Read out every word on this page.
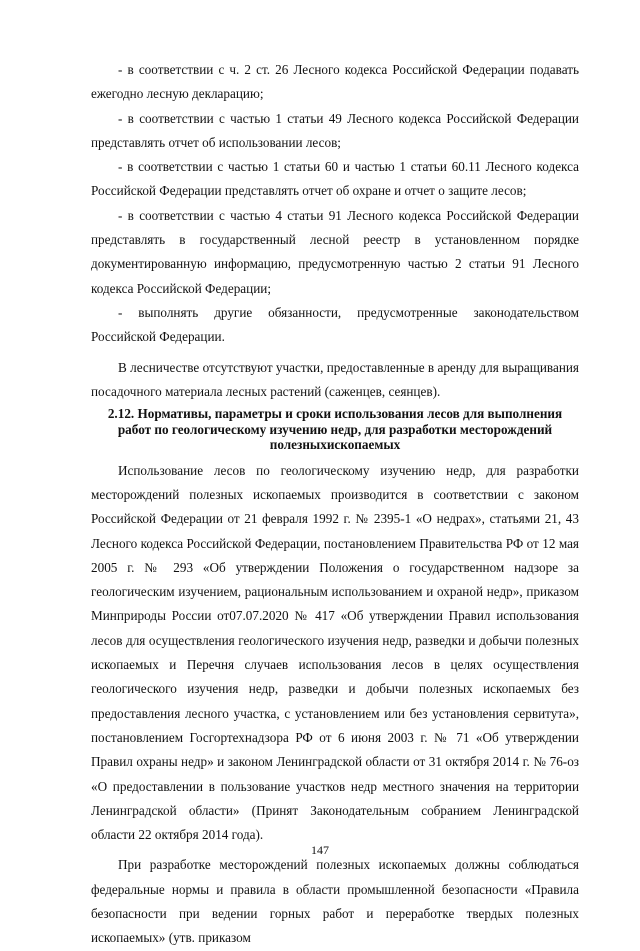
- в соответствии с ч. 2 ст. 26 Лесного кодекса Российской Федерации подавать ежегодно лесную декларацию;

- в соответствии с частью 1 статьи 49 Лесного кодекса Российской Федерации представлять отчет об использовании лесов;

- в соответствии с частью 1 статьи 60 и частью 1 статьи 60.11 Лесного кодекса Российской Федерации представлять отчет об охране и отчет о защите лесов;

- в соответствии с частью 4 статьи 91 Лесного кодекса Российской Федерации представлять в государственный лесной реестр в установленном порядке документированную информацию, предусмотренную частью 2 статьи 91 Лесного кодекса Российской Федерации;

- выполнять другие обязанности, предусмотренные законодательством Российской Федерации.

В лесничестве отсутствуют участки, предоставленные в аренду для выращивания посадочного материала лесных растений (саженцев, сеянцев).

2.12. Нормативы, параметры и сроки использования лесов для выполнения работ по геологическому изучению недр, для разработки месторождений полезныхископаемых

Использование лесов по геологическому изучению недр, для разработки месторождений полезных ископаемых производится в соответствии с законом Российской Федерации от 21 февраля 1992 г. № 2395-1 «О недрах», статьями 21, 43 Лесного кодекса Российской Федерации, постановлением Правительства РФ от 12 мая 2005 г. № 293 «Об утверждении Положения о государственном надзоре за геологическим изучением, рациональным использованием и охраной недр», приказом Минприроды России от07.07.2020 № 417 «Об утверждении Правил использования лесов для осуществления геологического изучения недр, разведки и добычи полезных ископаемых и Перечня случаев использования лесов в целях осуществления геологического изучения недр, разведки и добычи полезных ископаемых без предоставления лесного участка, с установлением или без установления сервитута», постановлением Госгортехнадзора РФ от 6 июня 2003 г. № 71 «Об утверждении Правил охраны недр» и законом Ленинградской области от 31 октября 2014 г. № 76-оз «О предоставлении в пользование участков недр местного значения на территории Ленинградской области» (Принят Законодательным собранием Ленинградской области 22 октября 2014 года).

При разработке месторождений полезных ископаемых должны соблюдаться федеральные нормы и правила в области промышленной безопасности «Правила безопасности при ведении горных работ и переработке твердых полезных ископаемых» (утв. приказом

147
